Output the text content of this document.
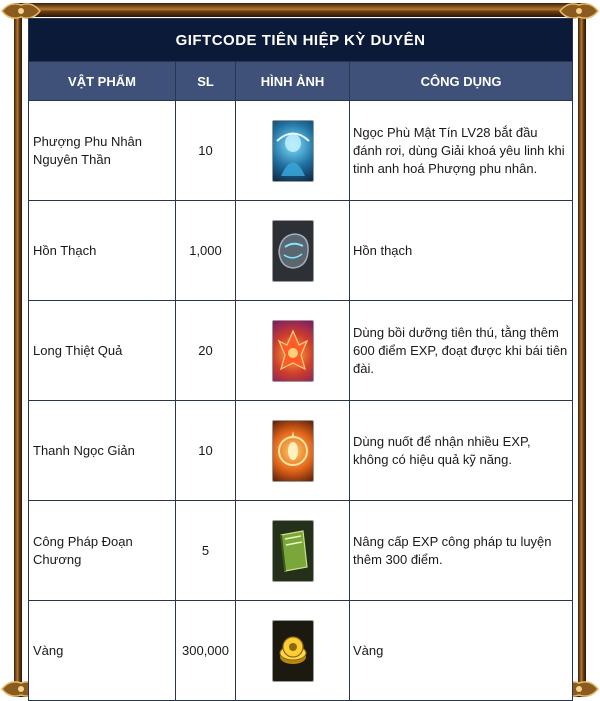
GIFTCODE TIÊN HIỆP KỲ DUYÊN			
VẬT PHẨM	SL	HÌNH ẢNH	CÔNG DỤNG
Phượng Phu Nhân Nguyên Thần	10		Ngọc Phù Mật Tín LV28 bắt đầu đánh rơi, dùng Giải khoá yêu linh khi tinh anh hoá Phượng phu nhân.
Hồn Thạch	1,000		Hồn thạch
Long Thiệt Quả	20		Dùng bồi dưỡng tiên thú, tằng thêm 600 điểm EXP, đoạt được khi bái tiên đài.
Thanh Ngọc Giản	10		Dùng nuốt để nhận nhiều EXP, không có hiệu quả kỹ năng.
Công Pháp Đoạn Chương	5		Nâng cấp EXP công pháp tu luyện thêm 300 điểm.
Vàng	300,000		Vàng
